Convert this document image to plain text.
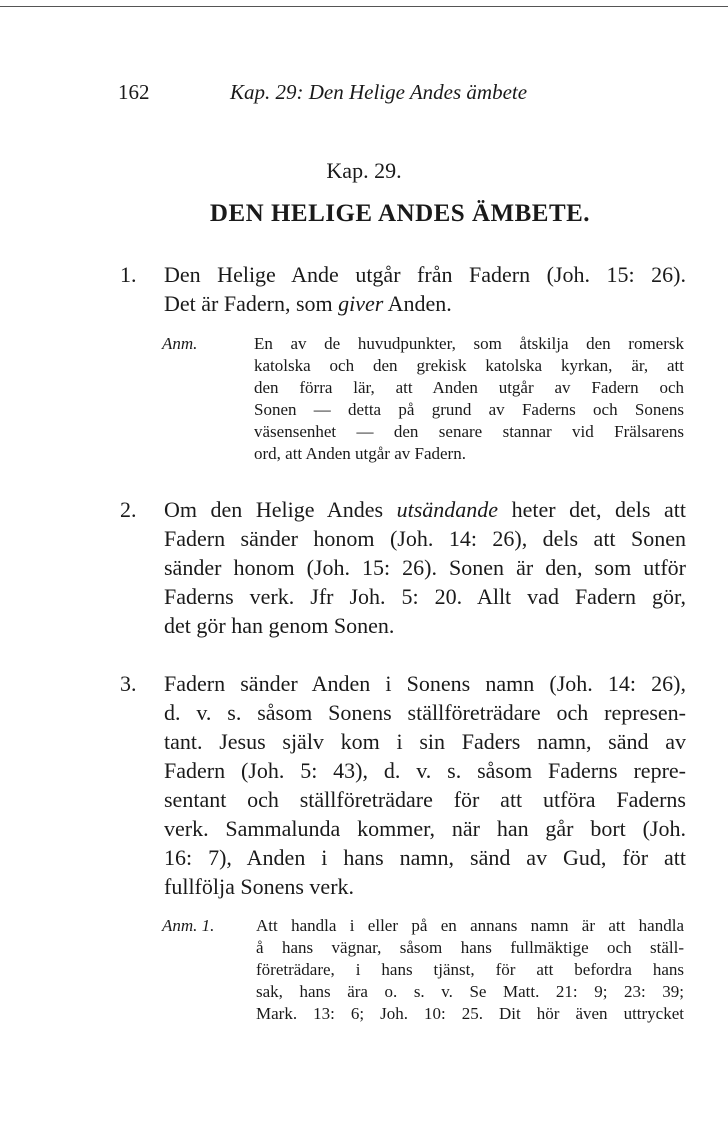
162	Kap. 29: Den Helige Andes ämbete
Kap. 29.
DEN HELIGE ANDES ÄMBETE.
1. Den Helige Ande utgår från Fadern (Joh. 15: 26).
Det är Fadern, som giver Anden.
Anm.	En av de huvudpunkter, som åtskilja den romersk
katolska och den grekisk katolska kyrkan, är, att
den förra lär, att Anden utgår av Fadern och
Sonen — detta på grund av Faderns och Sonens
väsensenhet — den senare stannar vid Frälsarens
ord, att Anden utgår av Fadern.
2. Om den Helige Andes utsändande heter det, dels att
Fadern sänder honom (Joh. 14: 26), dels att Sonen
sänder honom (Joh. 15: 26). Sonen är den, som utför
Faderns verk. Jfr Joh. 5: 20. Allt vad Fadern gör,
det gör han genom Sonen.
3. Fadern sänder Anden i Sonens namn (Joh. 14: 26),
d. v. s. såsom Sonens ställföreträdare och represen-
tant. Jesus själv kom i sin Faders namn, sänd av
Fadern (Joh. 5: 43), d. v. s. såsom Faderns repre-
sentant och ställföreträdare för att utföra Faderns
verk. Sammalunda kommer, när han går bort (Joh.
16: 7), Anden i hans namn, sänd av Gud, för att
fullfölja Sonens verk.
Anm. 1. Att handla i eller på en annans namn är att handla
å hans vägnar, såsom hans fullmäktige och ställ-
företrädare, i hans tjänst, för att befordra hans
sak, hans ära o. s. v. Se Matt. 21: 9; 23: 39;
Mark. 13: 6; Joh. 10: 25. Dit hör även uttrycket
